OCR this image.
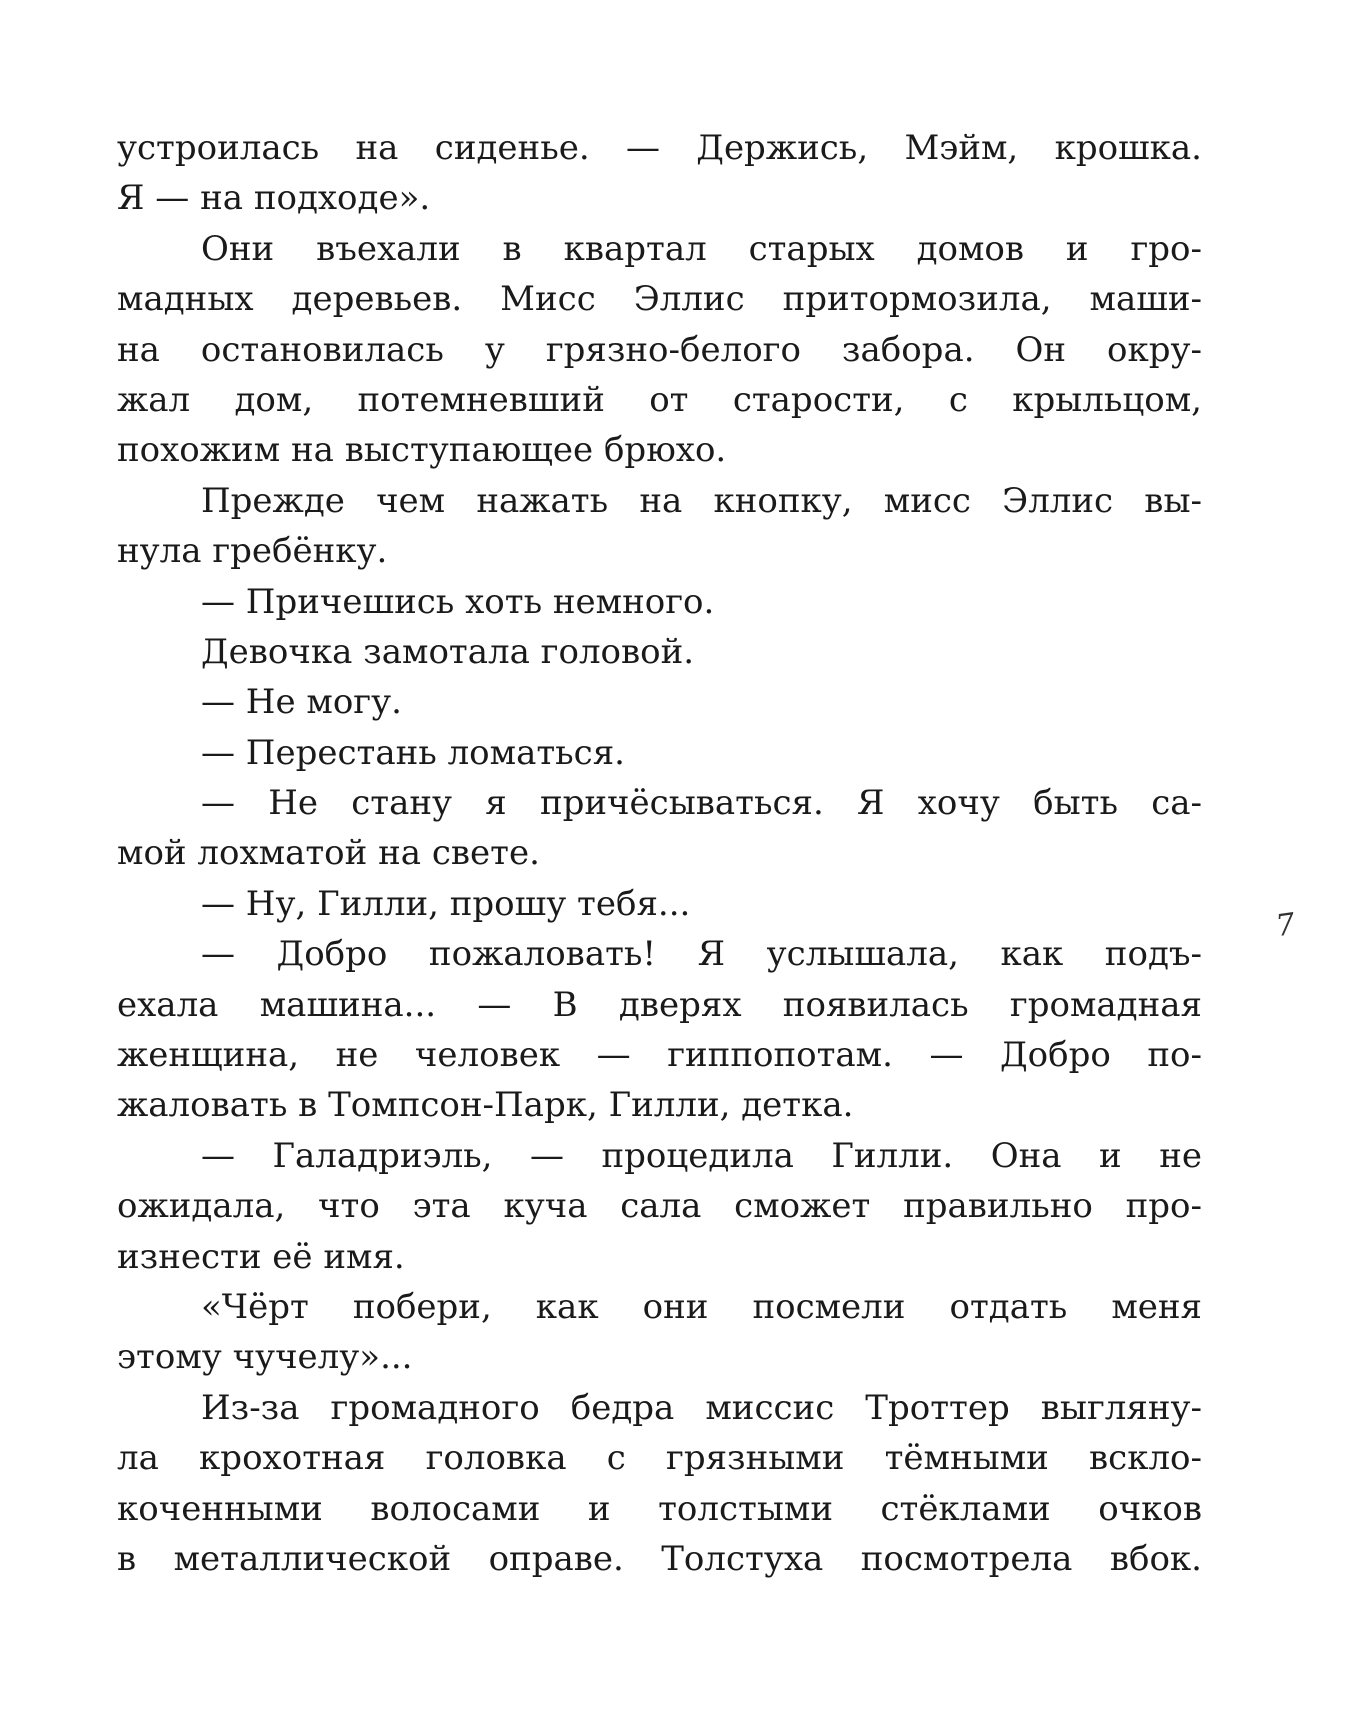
устроилась на сиденье. — Держись, Мэйм, крошка.
Я — на подходе».
Они въехали в квартал старых домов и гро-
мадных деревьев. Мисс Эллис притормозила, маши-
на остановилась у грязно-белого забора. Он окру-
жал дом, потемневший от старости, с крыльцом,
похожим на выступающее брюхо.
Прежде чем нажать на кнопку, мисс Эллис вы-
нула гребёнку.
— Причешись хоть немного.
Девочка замотала головой.
— Не могу.
— Перестань ломаться.
— Не стану я причёсываться. Я хочу быть са-
мой лохматой на свете.
— Ну, Гилли, прошу тебя...
— Добро пожаловать! Я услышала, как подъ-
ехала машина... — В дверях появилась громадная
женщина, не человек — гиппопотам. — Добро по-
жаловать в Томпсон-Парк, Гилли, детка.
— Галадриэль, — процедила Гилли. Она и не
ожидала, что эта куча сала сможет правильно про-
изнести её имя.
«Чёрт побери, как они посмели отдать меня
этому чучелу»...
Из-за громадного бедра миссис Троттер выгляну-
ла крохотная головка с грязными тёмными вскло-
коченными волосами и толстыми стёклами очков
в металлической оправе. Толстуха посмотрела вбок.
7
